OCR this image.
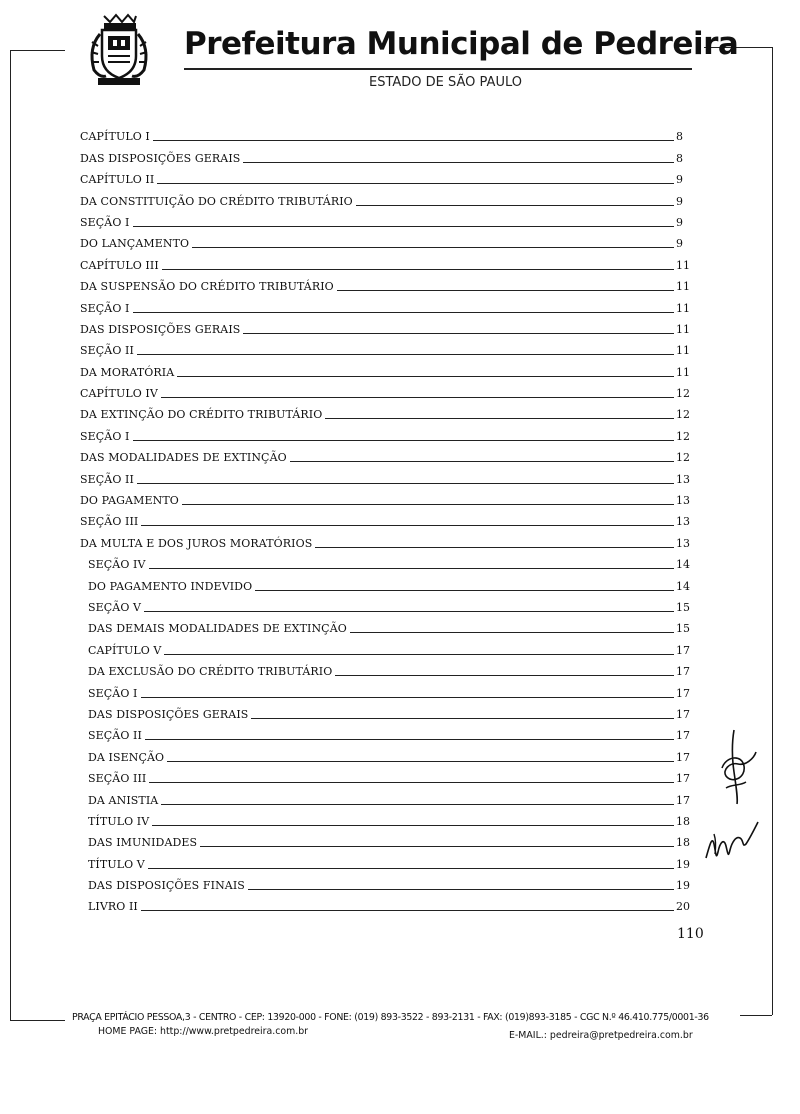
Prefeitura Municipal de Pedreira
ESTADO DE SÃO PAULO
CAPÍTULO I	8
DAS DISPOSIÇÕES GERAIS	8
CAPÍTULO II	9
DA CONSTITUIÇÃO DO CRÉDITO TRIBUTÁRIO	9
SEÇÃO I	9
DO LANÇAMENTO	9
CAPÍTULO III	11
DA SUSPENSÃO DO CRÉDITO TRIBUTÁRIO	11
SEÇÃO I	11
DAS DISPOSIÇÕES GERAIS	11
SEÇÃO II	11
DA MORATÓRIA	11
CAPÍTULO IV	12
DA EXTINÇÃO DO CRÉDITO TRIBUTÁRIO	12
SEÇÃO I	12
DAS MODALIDADES DE EXTINÇÃO	12
SEÇÃO II	13
DO PAGAMENTO	13
SEÇÃO III	13
DA MULTA E DOS JUROS MORATÓRIOS	13
SEÇÃO IV	14
DO PAGAMENTO INDEVIDO	14
SEÇÃO V	15
DAS DEMAIS MODALIDADES DE EXTINÇÃO	15
CAPÍTULO V	17
DA EXCLUSÃO DO CRÉDITO TRIBUTÁRIO	17
SEÇÃO I	17
DAS DISPOSIÇÕES GERAIS	17
SEÇÃO II	17
DA ISENÇÃO	17
SEÇÃO III	17
DA ANISTIA	17
TÍTULO IV	18
DAS IMUNIDADES	18
TÍTULO V	19
DAS DISPOSIÇÕES FINAIS	19
LIVRO II	20
110
PRAÇA EPITÁCIO PESSOA,3 - CENTRO - CEP: 13920-000 - FONE: (019) 893-3522 - 893-2131 - FAX: (019)893-3185 - CGC N.º 46.410.775/0001-36
HOME PAGE: http://www.pretpedreira.com.br	E-MAIL.: pedreira@pretpedreira.com.br
